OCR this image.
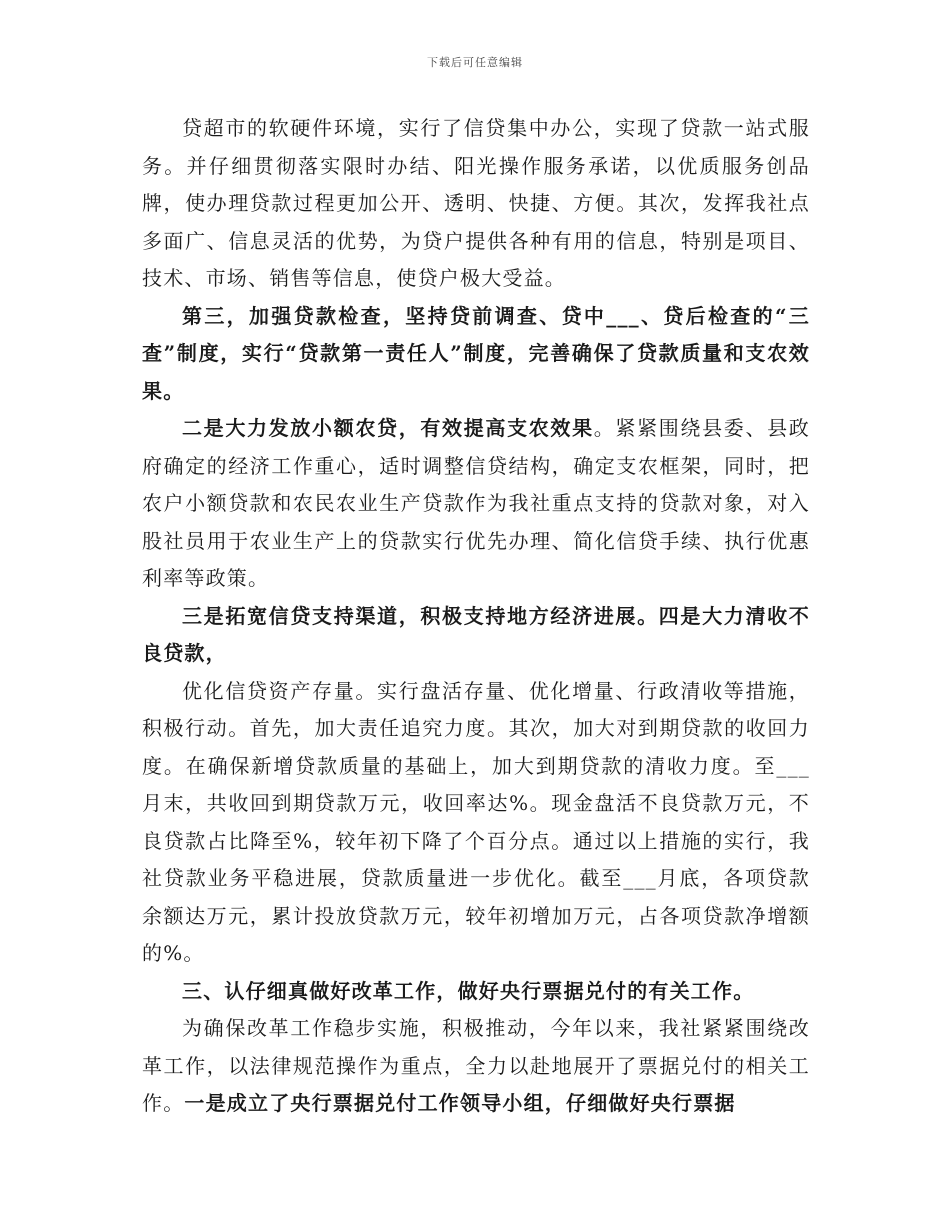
下载后可任意编辑

贷超市的软硬件环境，实行了信贷集中办公，实现了贷款一站式服务。并仔细贯彻落实限时办结、阳光操作服务承诺，以优质服务创品牌，使办理贷款过程更加公开、透明、快捷、方便。其次，发挥我社点多面广、信息灵活的优势，为贷户提供各种有用的信息，特别是项目、技术、市场、销售等信息，使贷户极大受益。

第三，加强贷款检查，坚持贷前调查、贷中___、贷后检查的“三查”制度，实行“贷款第一责任人”制度，完善确保了贷款质量和支农效果。

二是大力发放小额农贷，有效提高支农效果。紧紧围绕县委、县政府确定的经济工作重心，适时调整信贷结构，确定支农框架，同时，把农户小额贷款和农民农业生产贷款作为我社重点支持的贷款对象，对入股社员用于农业生产上的贷款实行优先办理、简化信贷手续、执行优惠利率等政策。

三是拓宽信贷支持渠道，积极支持地方经济进展。四是大力清收不良贷款，

优化信贷资产存量。实行盘活存量、优化增量、行政清收等措施，积极行动。首先，加大责任追究力度。其次，加大对到期贷款的收回力度。在确保新增贷款质量的基础上，加大到期贷款的清收力度。至___月末，共收回到期贷款万元，收回率达%。现金盘活不良贷款万元，不良贷款占比降至%，较年初下降了个百分点。通过以上措施的实行，我社贷款业务平稳进展，贷款质量进一步优化。截至___月底，各项贷款余额达万元，累计投放贷款万元，较年初增加万元，占各项贷款净增额的%。

三、认仔细真做好改革工作，做好央行票据兑付的有关工作。

为确保改革工作稳步实施，积极推动，今年以来，我社紧紧围绕改革工作，以法律规范操作为重点，全力以赴地展开了票据兑付的相关工作。一是成立了央行票据兑付工作领导小组，仔细做好央行票据
